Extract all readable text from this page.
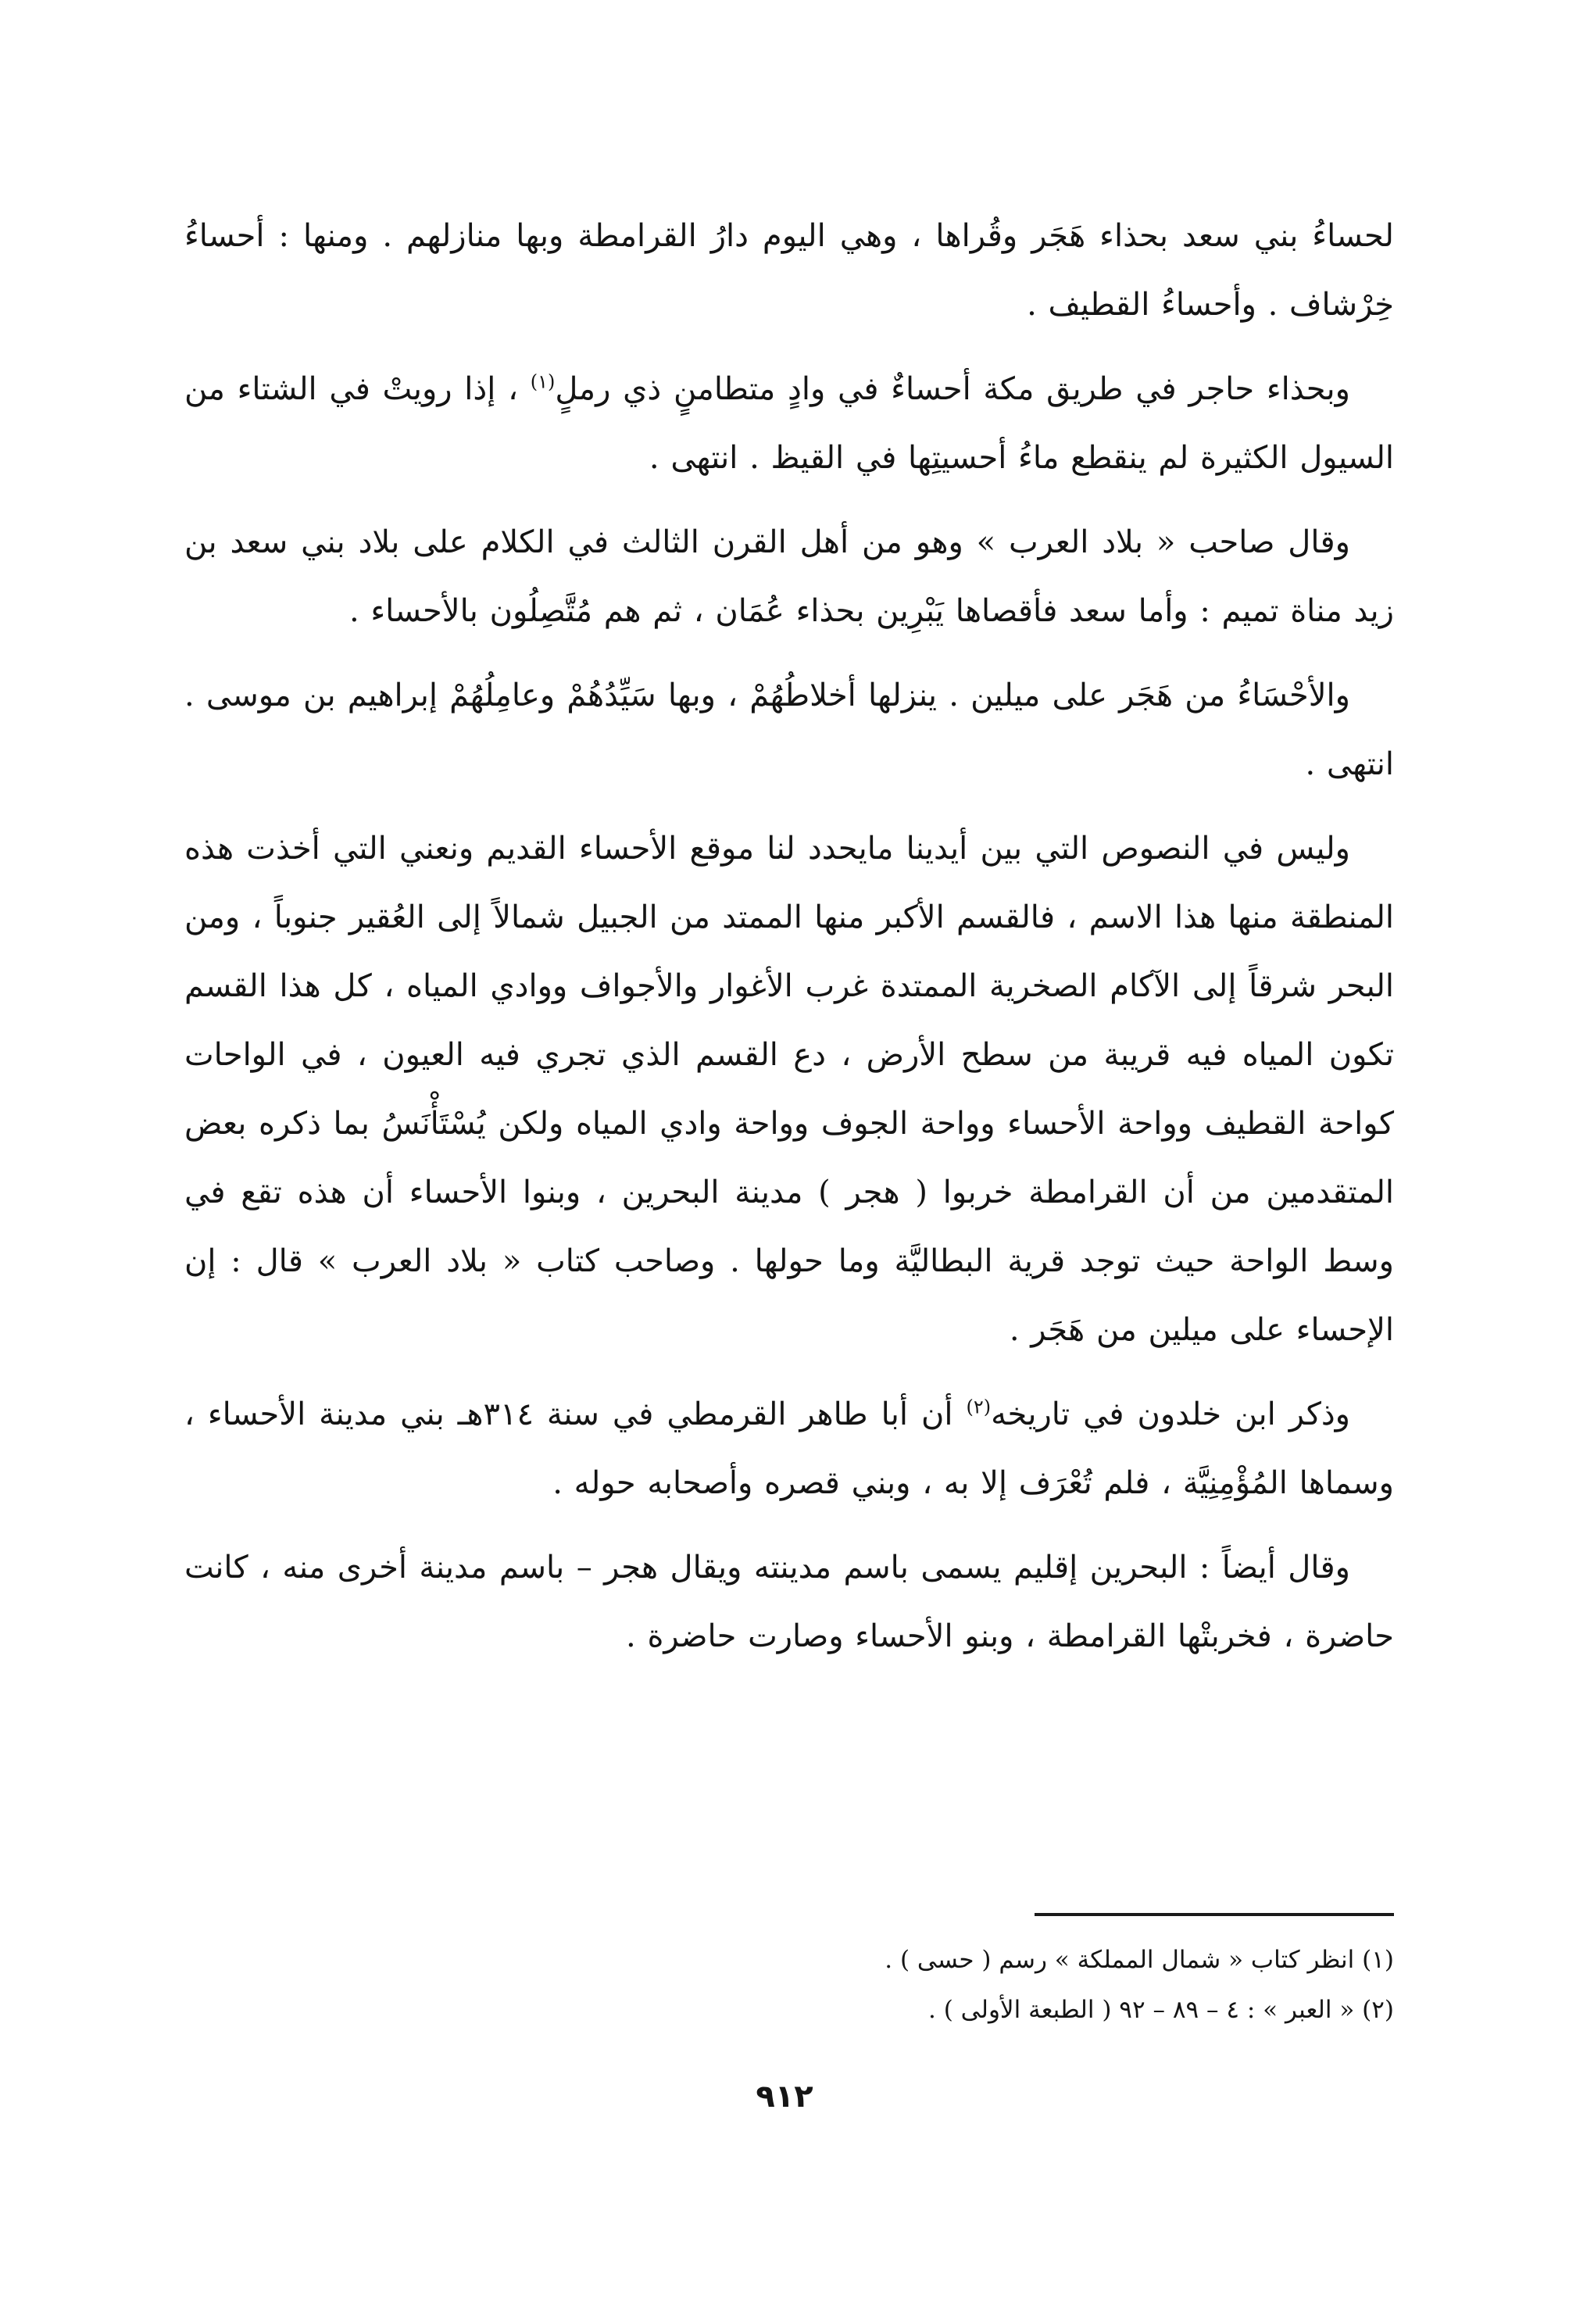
لحساءُ بني سعد بحذاء هَجَر وقُراها ، وهي اليوم دارُ القرامطة وبها منازلهم . ومنها : أحساءُ خِرْشاف . وأحساءُ القطيف .

وبحذاء حاجر في طريق مكة أحساءٌ في وادٍ متطامنٍ ذي رملٍ$^{(١)}$ ، إذا رويتْ في الشتاء من السيول الكثيرة لم ينقطع ماءُ أحسيتِها في القيظ . انتهى .

وقال صاحب « بلاد العرب » وهو من أهل القرن الثالث في الكلام على بلاد بني سعد بن زيد مناة تميم : وأما سعد فأقصاها يَبْرِين بحذاء عُمَان ، ثم هم مُتَّصِلُون بالأحساء .

والأحْسَاءُ من هَجَر على ميلين . ينزلها أخلاطُهُمْ ، وبها سَيِّدُهُمْ وعامِلُهُمْ إبراهيم بن موسى . انتهى .

وليس في النصوص التي بين أيدينا مايحدد لنا موقع الأحساء القديم ونعني التي أخذت هذه المنطقة منها هذا الاسم ، فالقسم الأكبر منها الممتد من الجبيل شمالاً إلى العُقير جنوباً ، ومن البحر شرقاً إلى الآكام الصخرية الممتدة غرب الأغوار والأجواف ووادي المياه ، كل هذا القسم تكون المياه فيه قريبة من سطح الأرض ، دع القسم الذي تجري فيه العيون ، في الواحات كواحة القطيف وواحة الأحساء وواحة الجوف وواحة وادي المياه ولكن يُسْتَأْنَسُ بما ذكره بعض المتقدمين من أن القرامطة خربوا ( هجر ) مدينة البحرين ، وبنوا الأحساء أن هذه تقع في وسط الواحة حيث توجد قرية البطاليَّة وما حولها . وصاحب كتاب « بلاد العرب » قال : إن الإحساء على ميلين من هَجَر .

وذكر ابن خلدون في تاريخه$^{(٢)}$ أن أبا طاهر القرمطي في سنة ٣١٤هـ بني مدينة الأحساء ، وسماها المُؤْمِنِيَّة ، فلم تُعْرَف إلا به ، وبني قصره وأصحابه حوله .

وقال أيضاً : البحرين إقليم يسمى باسم مدينته ويقال هجر – باسم مدينة أخرى منه ، كانت حاضرة ، فخربتْها القرامطة ، وبنو الأحساء وصارت حاضرة .

(١) انظر كتاب « شمال المملكة » رسم ( حسى ) .

(٢) « العبر » : ٤ – ٨٩ – ٩٢ ( الطبعة الأولى ) .

٩١٢
